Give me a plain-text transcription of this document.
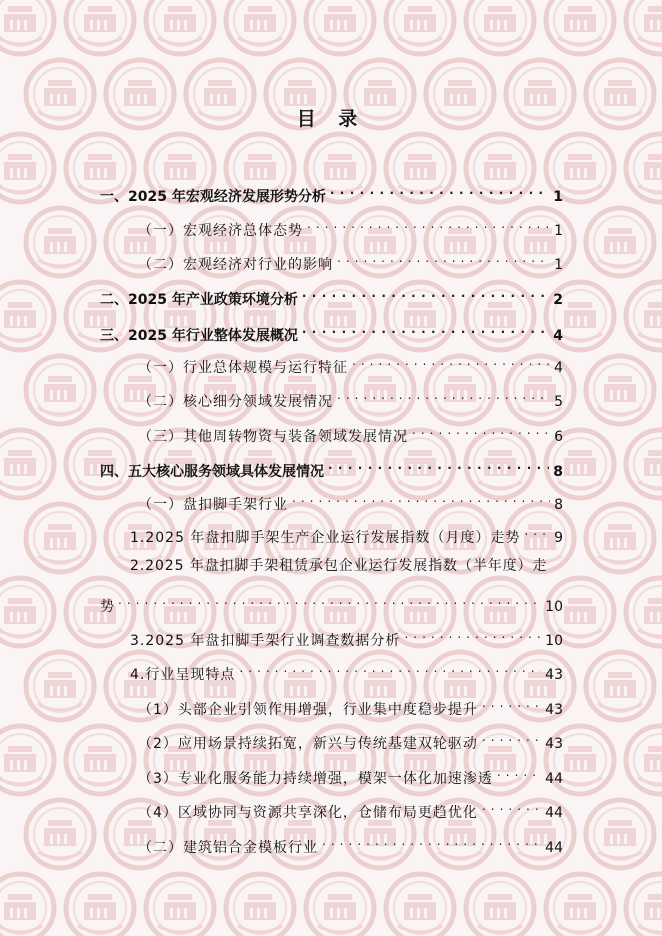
目 录
一、2025 年宏观经济发展形势分析 . . .	1
（一）宏观经济总体态势 . . .	1
（二）宏观经济对行业的影响 . . .	1
二、2025 年产业政策环境分析 . . .	2
三、2025 年行业整体发展概况 . . .	4
（一）行业总体规模与运行特征 . . .	4
（二）核心细分领域发展情况 . . .	5
（三）其他周转物资与装备领域发展情况 . . .	6
四、五大核心服务领域具体发展情况 . . .	8
（一）盘扣脚手架行业 . . .	8
1.2025 年盘扣脚手架生产企业运行发展指数（月度）走势 . . . 9
2.2025 年盘扣脚手架租赁承包企业运行发展指数（半年度）走
势 . . .	10
3.2025 年盘扣脚手架行业调查数据分析 . . .	10
4.行业呈现特点 . . .	43
（1）头部企业引领作用增强，行业集中度稳步提升 . . .	43
（2）应用场景持续拓宽，新兴与传统基建双轮驱动 . . .	43
（3）专业化服务能力持续增强，模架一体化加速渗透 . . .	44
（4）区域协同与资源共享深化，仓储布局更趋优化 . . .	44
（二）建筑铝合金模板行业 . . .	44
